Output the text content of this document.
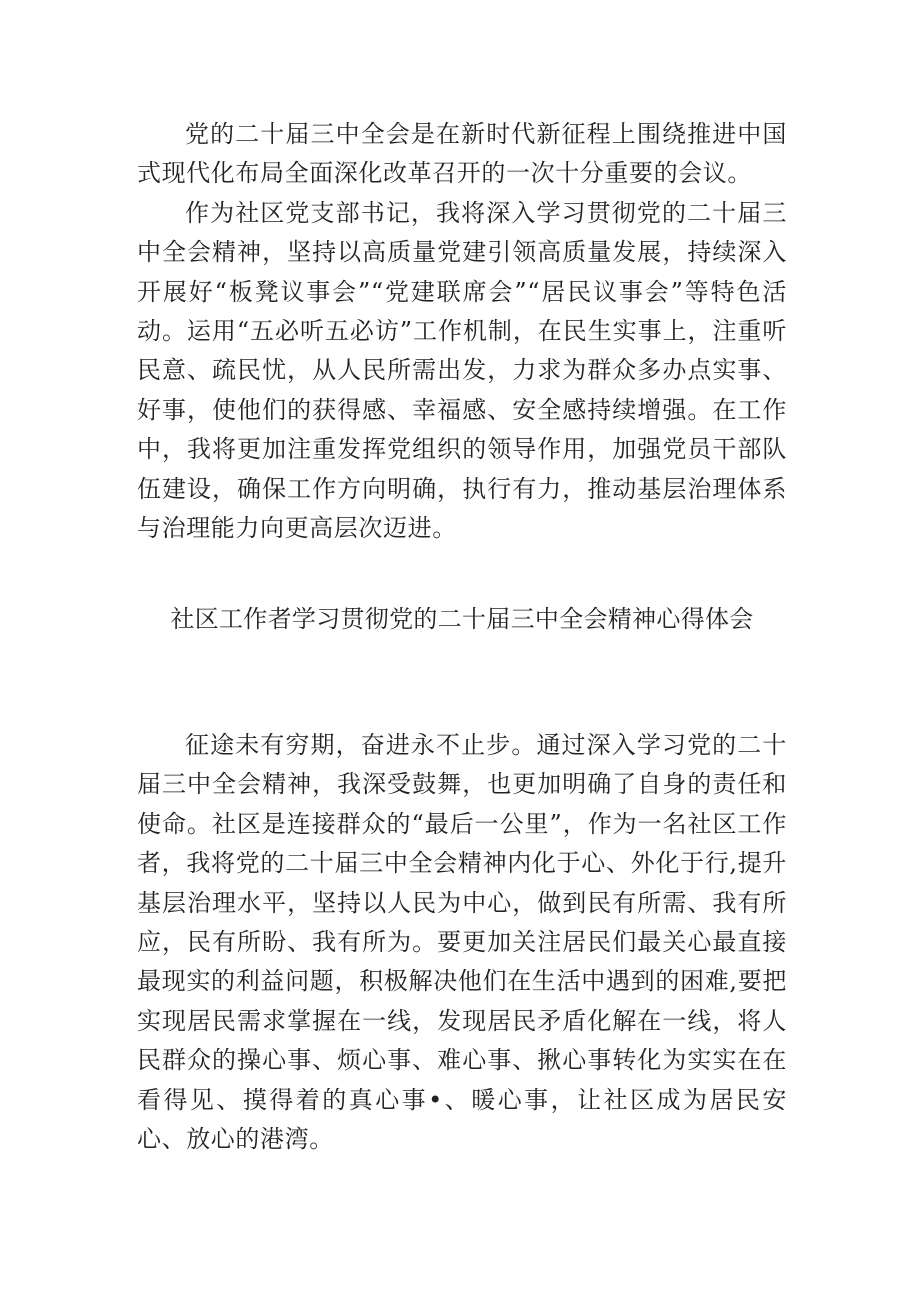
党的二十届三中全会是在新时代新征程上围绕推进中国式现代化布局全面深化改革召开的一次十分重要的会议。

作为社区党支部书记，我将深入学习贯彻党的二十届三中全会精神，坚持以高质量党建引领高质量发展，持续深入开展好“板凳议事会”“党建联席会”“居民议事会”等特色活动。运用“五必听五必访”工作机制，在民生实事上，注重听民意、疏民忧，从人民所需出发，力求为群众多办点实事、好事，使他们的获得感、幸福感、安全感持续增强。在工作中，我将更加注重发挥党组织的领导作用，加强党员干部队伍建设，确保工作方向明确，执行有力，推动基层治理体系与治理能力向更高层次迈进。

社区工作者学习贯彻党的二十届三中全会精神心得体会

征途未有穷期，奋进永不止步。通过深入学习党的二十届三中全会精神，我深受鼓舞，也更加明确了自身的责任和使命。社区是连接群众的“最后一公里”，作为一名社区工作者，我将党的二十届三中全会精神内化于心、外化于行,提升基层治理水平，坚持以人民为中心，做到民有所需、我有所应，民有所盼、我有所为。要更加关注居民们最关心最直接最现实的利益问题，积极解决他们在生活中遇到的困难,要把实现居民需求掌握在一线，发现居民矛盾化解在一线，将人民群众的操心事、烦心事、难心事、揪心事转化为实实在在看得见、摸得着的真心事•、暖心事，让社区成为居民安心、放心的港湾。
